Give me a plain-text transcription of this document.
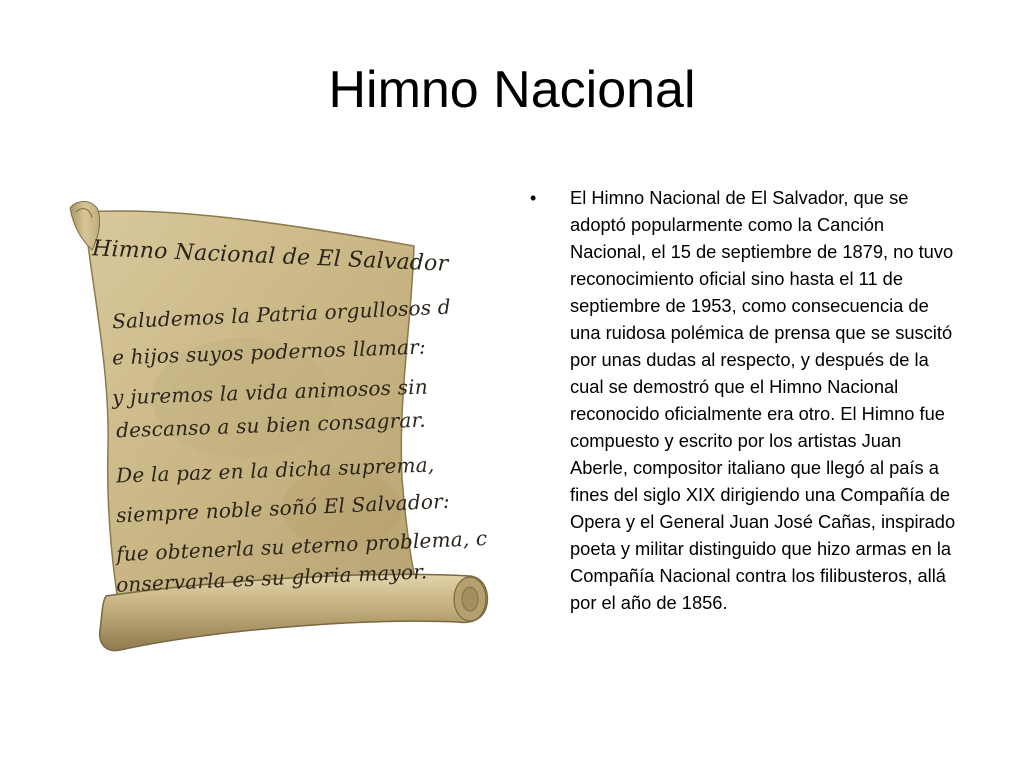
Himno Nacional
Himno Nacional de El Salvador
Saludemos la Patria orgullosos d
e hijos suyos podernos llamar:
y juremos la vida animosos sin
descanso a su bien consagrar.
De la paz en la dicha suprema,
siempre noble soñó El Salvador:
fue obtenerla su eterno problema, c
onservarla es su gloria mayor.
• El Himno Nacional de El Salvador, que se adoptó popularmente como la Canción Nacional, el 15 de septiembre de 1879, no tuvo reconocimiento oficial sino hasta el 11 de septiembre de 1953, como consecuencia de una ruidosa polémica de prensa que se suscitó por unas dudas al respecto, y después de la cual se demostró que el Himno Nacional reconocido oficialmente era otro. El Himno fue compuesto y escrito por los artistas Juan Aberle, compositor italiano que llegó al país a fines del siglo XIX dirigiendo una Compañía de Opera y el General Juan José Cañas, inspirado poeta y militar distinguido que hizo armas en la Compañía Nacional contra los filibusteros, allá por el año de 1856.
